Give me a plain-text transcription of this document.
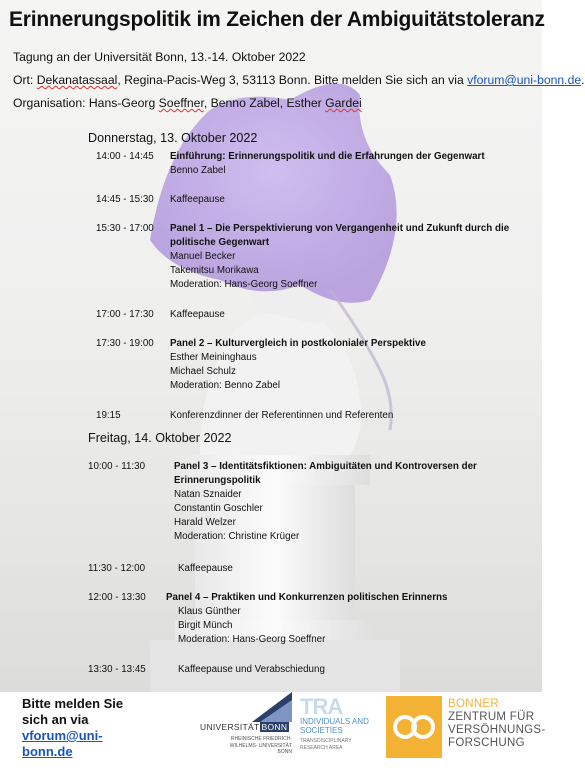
Erinnerungspolitik im Zeichen der Ambiguitätstoleranz
Tagung an der Universität Bonn, 13.-14. Oktober 2022
Ort: Dekanatassaal, Regina-Pacis-Weg 3, 53113 Bonn. Bitte melden Sie sich an via vforum@uni-bonn.de.
Organisation: Hans-Georg Soeffner, Benno Zabel, Esther Gardei
Donnerstag, 13. Oktober 2022
14:00 - 14:45 Einführung: Erinnerungspolitik und die Erfahrungen der Gegenwart
Benno Zabel
14:45 - 15:30 Kaffeepause
15:30 - 17:00 Panel 1 – Die Perspektivierung von Vergangenheit und Zukunft durch die
politische Gegenwart
Manuel Becker
Takemitsu Morikawa
Moderation: Hans-Georg Soeffner
17:00 - 17:30 Kaffeepause
17:30 - 19:00 Panel 2 – Kulturvergleich in postkolonialer Perspektive
Esther Meininghaus
Michael Schulz
Moderation: Benno Zabel
19:15	Konferenzdinner der Referentinnen und Referenten
Freitag, 14. Oktober 2022
10:00 - 11:30	Panel 3 – Identitätsfiktionen: Ambiguitäten und Kontroversen der
Erinnerungspolitik
Natan Sznaider
Constantin Goschler
Harald Welzer
Moderation: Christine Krüger
11:30 - 12:00	Kaffeepause
12:00 - 13:30 Panel 4 – Praktiken und Konkurrenzen politischen Erinnerns
Klaus Günther
Birgit Münch
Moderation: Hans-Georg Soeffner
13:30 - 13:45	Kaffeepause und Verabschiedung
Bitte melden Sie
sich an via
vforum@uni-
bonn.de
UNIVERSITÄT BONN
RHEINISCHE FRIEDRICH-WILHELMS- UNIVERSITÄT BONN
TRA
INDIVIDUALS AND SOCIETIES
TRANSDISCIPLINARY RESEARCH AREA
BONNER
ZENTRUM FÜR
VERSÖHNUNGS-
FORSCHUNG
